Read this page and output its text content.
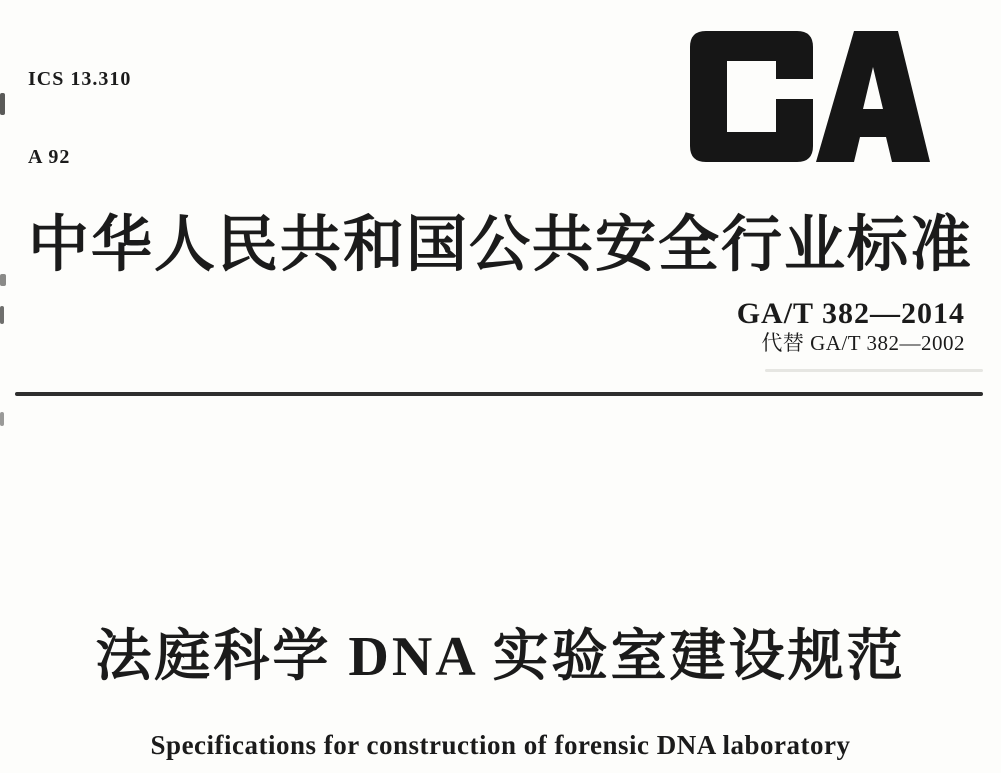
ICS 13.310

A 92

中华人民共和国公共安全行业标准
GA/T 382—2014
代替 GA/T 382—2002
法庭科学 DNA 实验室建设规范
Specifications for construction of forensic DNA laboratory
